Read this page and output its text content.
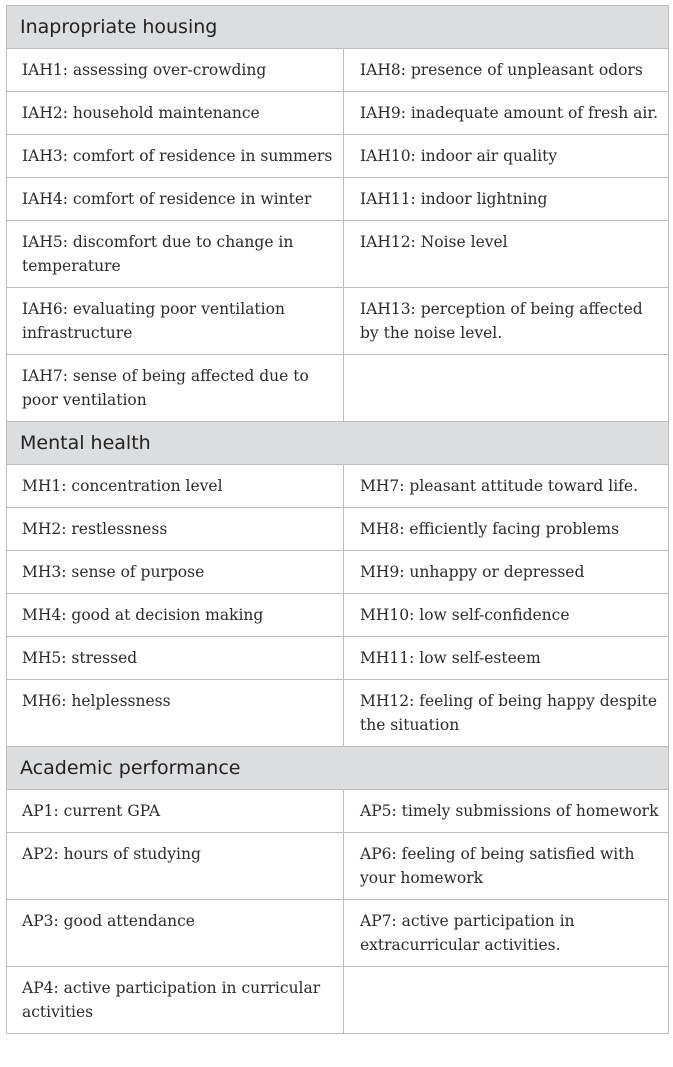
Inapropriate housing	
IAH1: assessing over-crowding	IAH8: presence of unpleasant odors
IAH2: household maintenance	IAH9: inadequate amount of fresh air.
IAH3: comfort of residence in summers	IAH10: indoor air quality
IAH4: comfort of residence in winter	IAH11: indoor lightning
IAH5: discomfort due to change in temperature	IAH12: Noise level
IAH6: evaluating poor ventilation infrastructure	IAH13: perception of being affected by the noise level.
IAH7: sense of being affected due to poor ventilation	
Mental health	
MH1: concentration level	MH7: pleasant attitude toward life.
MH2: restlessness	MH8: efficiently facing problems
MH3: sense of purpose	MH9: unhappy or depressed
MH4: good at decision making	MH10: low self-confidence
MH5: stressed	MH11: low self-esteem
MH6: helplessness	MH12: feeling of being happy despite the situation
Academic performance	
AP1: current GPA	AP5: timely submissions of homework
AP2: hours of studying	AP6: feeling of being satisfied with your homework
AP3: good attendance	AP7: active participation in extracurricular activities.
AP4: active participation in curricular activities	
